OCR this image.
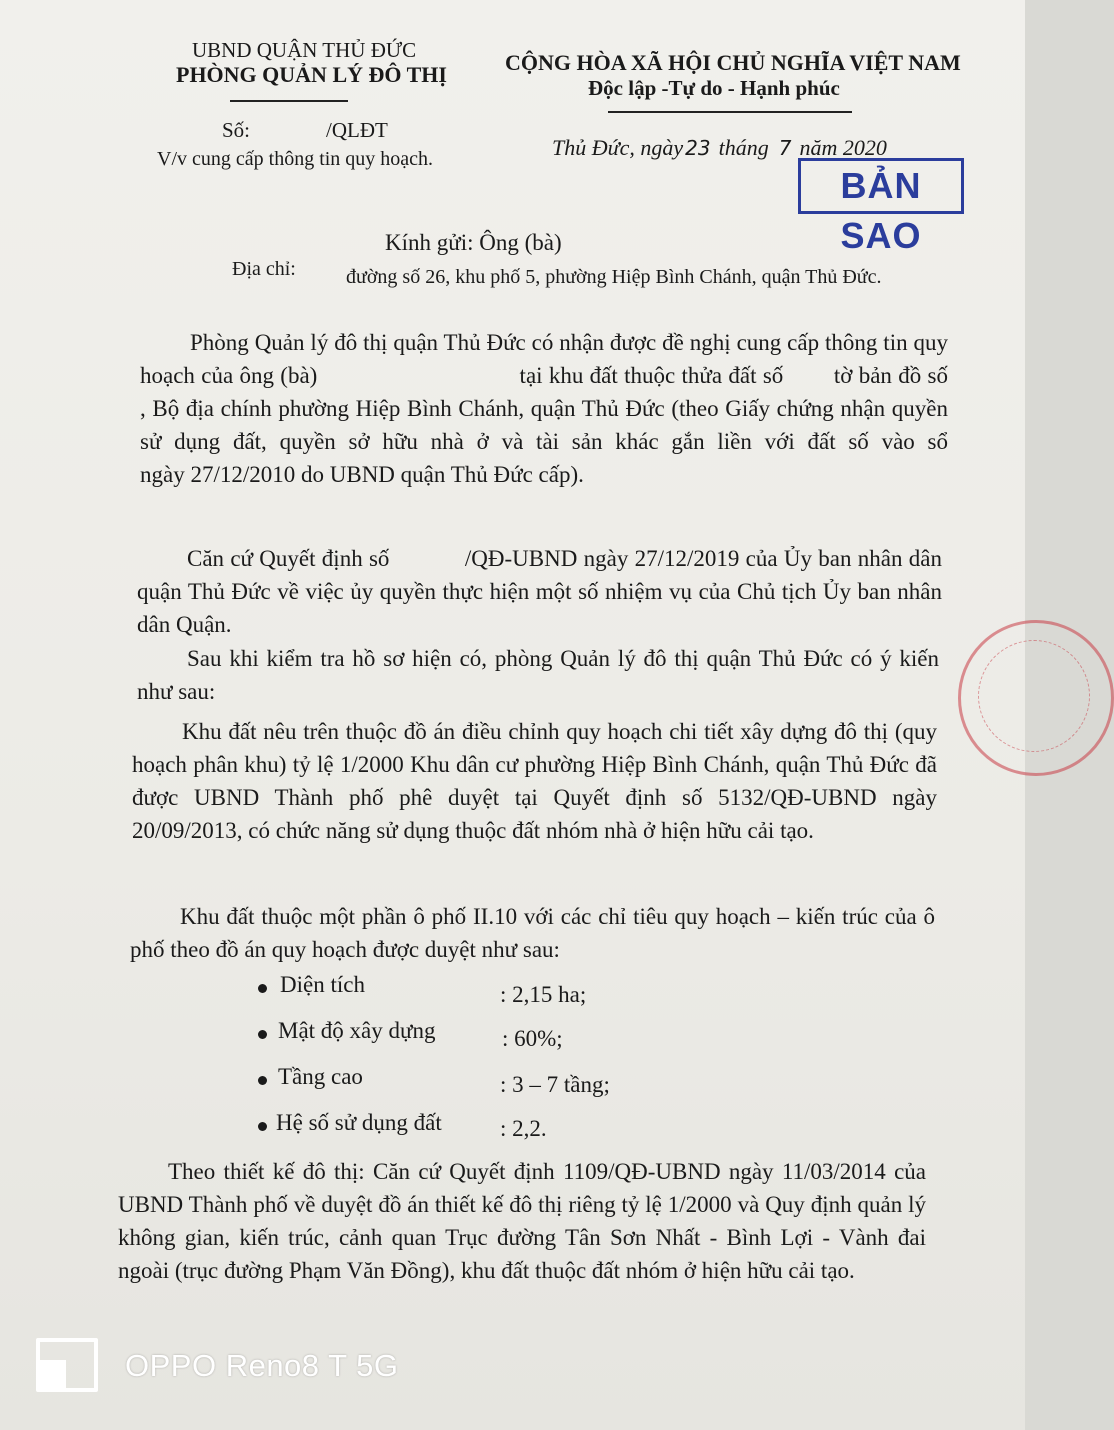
UBND QUẬN THỦ ĐỨC
PHÒNG QUẢN LÝ ĐÔ THỊ
Số:	/QLĐT
V/v cung cấp thông tin quy hoạch.
CỘNG HÒA XÃ HỘI CHỦ NGHĨA VIỆT NAM
Độc lập -Tự do - Hạnh phúc
Thủ Đức, ngày 23 tháng 7 năm 2020
BẢN SAO
Kính gửi: Ông (bà)
Địa chỉ:	đường số 26, khu phố 5, phường Hiệp Bình Chánh, quận Thủ Đức.

Phòng Quản lý đô thị quận Thủ Đức có nhận được đề nghị cung cấp thông tin quy hoạch của ông (bà)                                tại khu đất thuộc thửa đất số        tờ bản đồ số      , Bộ địa chính phường Hiệp Bình Chánh, quận Thủ Đức (theo Giấy chứng nhận quyền sử dụng đất, quyền sở hữu nhà ở và tài sản khác gắn liền với đất số vào sổ                  ngày 27/12/2010 do UBND quận Thủ Đức cấp).

Căn cứ Quyết định số            /QĐ-UBND ngày 27/12/2019 của Ủy ban nhân dân quận Thủ Đức về việc ủy quyền thực hiện một số nhiệm vụ của Chủ tịch Ủy ban nhân dân Quận.

Sau khi kiểm tra hồ sơ hiện có, phòng Quản lý đô thị quận Thủ Đức có ý kiến như sau:

Khu đất nêu trên thuộc đồ án điều chỉnh quy hoạch chi tiết xây dựng đô thị (quy hoạch phân khu) tỷ lệ 1/2000 Khu dân cư phường Hiệp Bình Chánh, quận Thủ Đức đã được UBND Thành phố phê duyệt tại Quyết định số 5132/QĐ-UBND ngày 20/09/2013, có chức năng sử dụng thuộc đất nhóm nhà ở hiện hữu cải tạo.

Khu đất thuộc một phần ô phố II.10 với các chỉ tiêu quy hoạch – kiến trúc của ô phố theo đồ án quy hoạch được duyệt như sau:

Diện tích	: 2,15 ha;
Mật độ xây dựng	: 60%;
Tầng cao	: 3 – 7 tầng;
Hệ số sử dụng đất	: 2,2.

Theo thiết kế đô thị: Căn cứ Quyết định 1109/QĐ-UBND ngày 11/03/2014 của UBND Thành phố về duyệt đồ án thiết kế đô thị riêng tỷ lệ 1/2000 và Quy định quản lý không gian, kiến trúc, cảnh quan Trục đường Tân Sơn Nhất - Bình Lợi - Vành đai ngoài (trục đường Phạm Văn Đồng), khu đất thuộc đất nhóm ở hiện hữu cải tạo.

OPPO Reno8 T 5G
